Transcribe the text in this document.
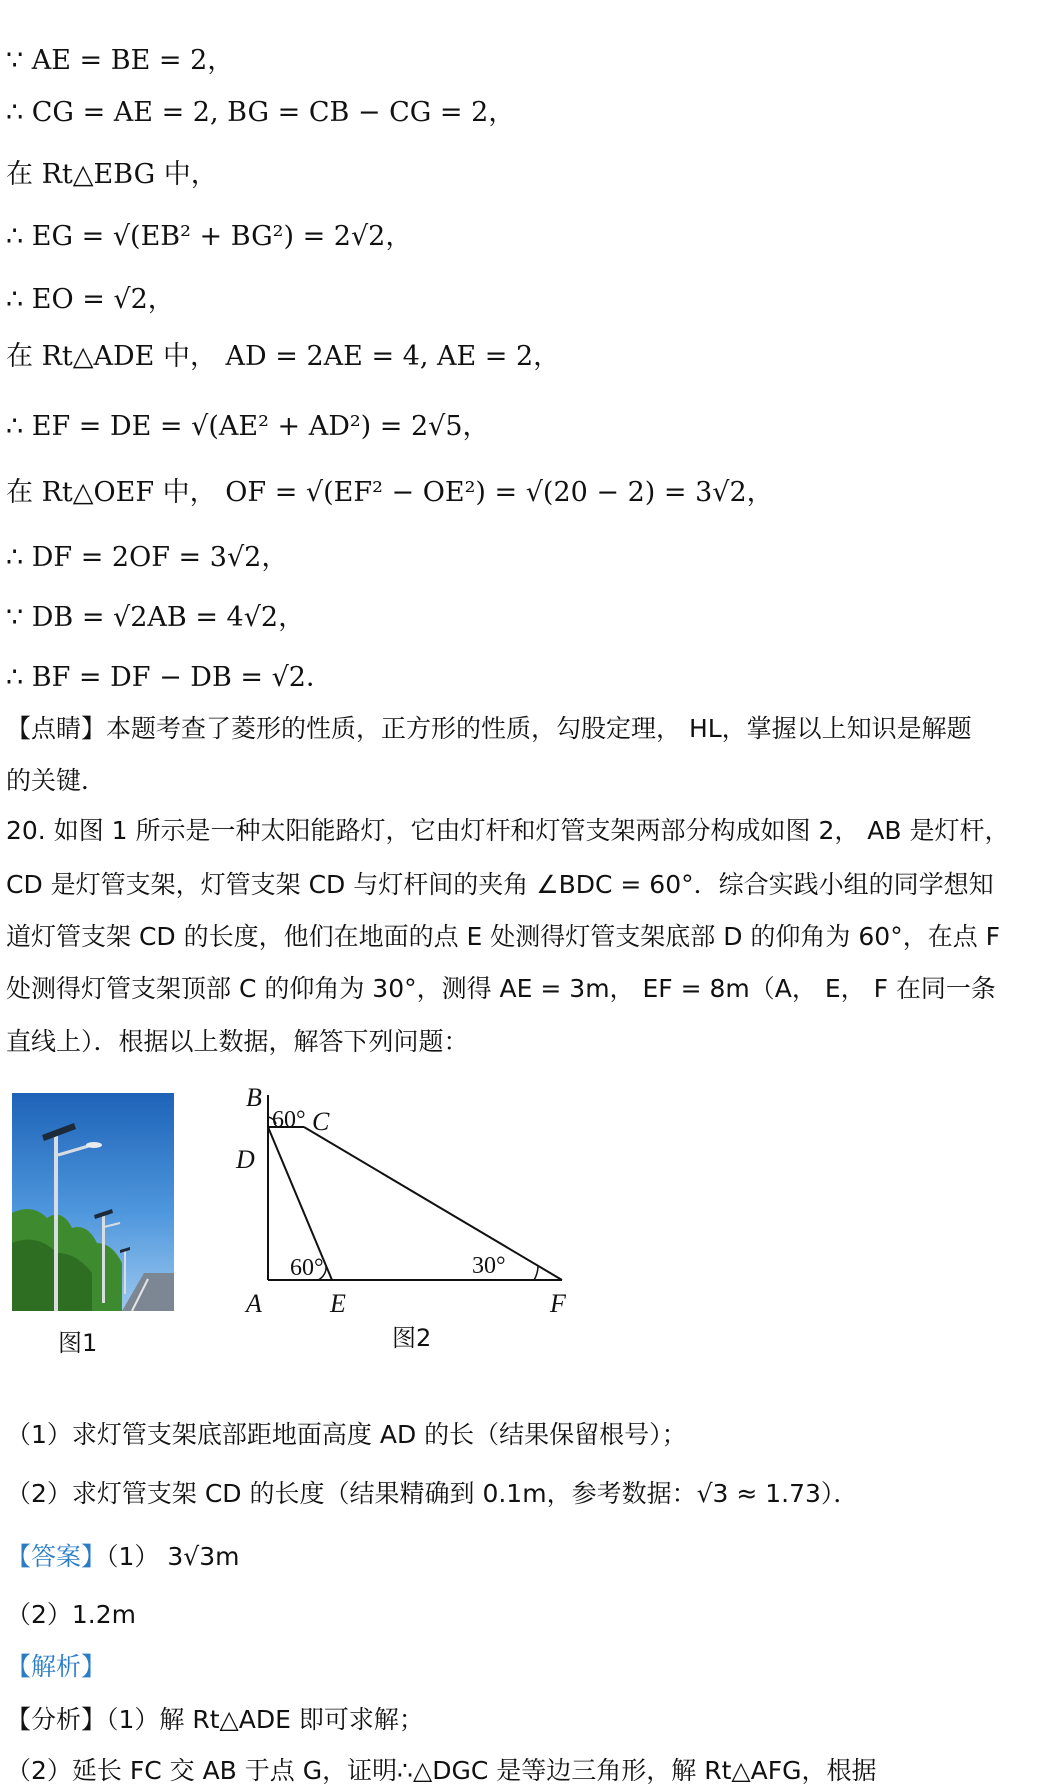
∵ AE = BE = 2，
∴ CG = AE = 2, BG = CB − CG = 2，
在 Rt△EBG 中，
∴ EG = √(EB² + BG²) = 2√2，
∴ EO = √2，
在 Rt△ADE 中， AD = 2AE = 4, AE = 2，
∴ EF = DE = √(AE² + AD²) = 2√5，
在 Rt△OEF 中， OF = √(EF² − OE²) = √(20 − 2) = 3√2，
∴ DF = 2OF = 3√2，
∵ DB = √2AB = 4√2，
∴ BF = DF − DB = √2．
【点睛】本题考查了菱形的性质，正方形的性质，勾股定理， HL，掌握以上知识是解题
的关键．
20. 如图 1 所示是一种太阳能路灯，它由灯杆和灯管支架两部分构成如图 2， AB 是灯杆，
CD 是灯管支架，灯管支架 CD 与灯杆间的夹角 ∠BDC = 60°．综合实践小组的同学想知
道灯管支架 CD 的长度，他们在地面的点 E 处测得灯管支架底部 D 的仰角为 60°，在点 F
处测得灯管支架顶部 C 的仰角为 30°，测得 AE = 3m， EF = 8m（A， E， F 在同一条
直线上）．根据以上数据，解答下列问题：
图1
B
60° C
D
60°	30°
A	E	F
图2
（1）求灯管支架底部距地面高度 AD 的长（结果保留根号）；
（2）求灯管支架 CD 的长度（结果精确到 0.1m，参考数据：√3 ≈ 1.73）．
【答案】（1） 3√3m
（2）1.2m
【解析】
【分析】（1）解 Rt△ADE 即可求解；
（2）延长 FC 交 AB 于点 G，证明∴△DGC 是等边三角形，解 Rt△AFG，根据
